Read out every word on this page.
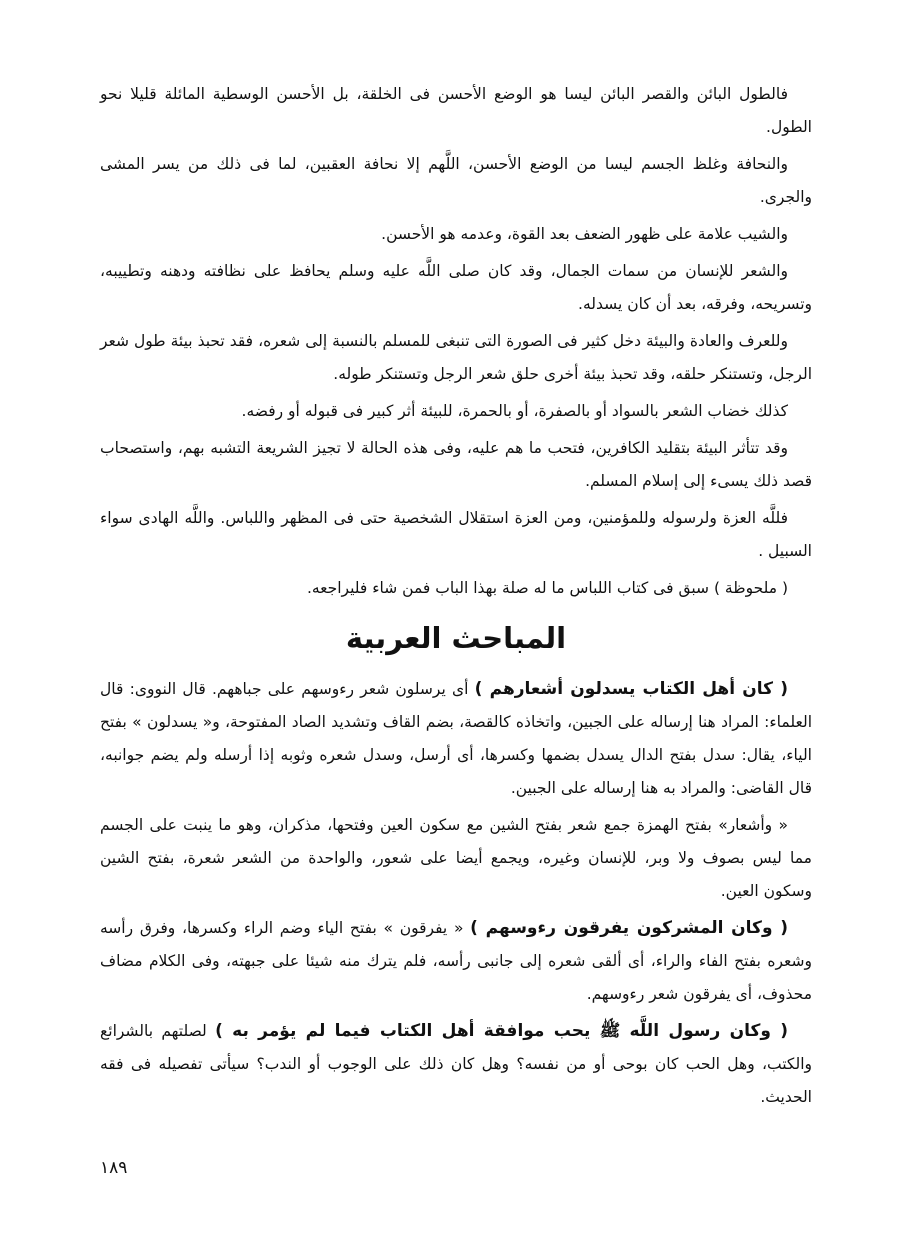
فالطول البائن والقصر البائن ليسا هو الوضع الأحسن فى الخلقة، بل الأحسن الوسطية المائلة قليلا نحو الطول.

والنحافة وغلظ الجسم ليسا من الوضع الأحسن، اللَّهم إلا نحافة العقبين، لما فى ذلك من يسر المشى والجرى.

والشيب علامة على ظهور الضعف بعد القوة، وعدمه هو الأحسن.

والشعر للإنسان من سمات الجمال، وقد كان صلى اللَّه عليه وسلم يحافظ على نظافته ودهنه وتطييبه، وتسريحه، وفرقه، بعد أن كان يسدله.

وللعرف والعادة والبيئة دخل كثير فى الصورة التى تنبغى للمسلم بالنسبة إلى شعره، فقد تحبذ بيئة طول شعر الرجل، وتستنكر حلقه، وقد تحبذ بيئة أخرى حلق شعر الرجل وتستنكر طوله.

كذلك خضاب الشعر بالسواد أو بالصفرة، أو بالحمرة، للبيئة أثر كبير فى قبوله أو رفضه.

وقد تتأثر البيئة بتقليد الكافرين، فتحب ما هم عليه، وفى هذه الحالة لا تجيز الشريعة التشبه بهم، واستصحاب قصد ذلك يسىء إلى إسلام المسلم.

فللَّه العزة ولرسوله وللمؤمنين، ومن العزة استقلال الشخصية حتى فى المظهر واللباس. واللَّه الهادى سواء السبيل .

( ملحوظة ) سبق فى كتاب اللباس ما له صلة بهذا الباب فمن شاء فليراجعه.

المباحث العربية

( كان أهل الكتاب يسدلون أشعارهم ) أى يرسلون شعر رءوسهم على جباههم. قال النووى: قال العلماء: المراد هنا إرساله على الجبين، واتخاذه كالقصة، بضم القاف وتشديد الصاد المفتوحة، و« يسدلون » بفتح الياء، يقال: سدل بفتح الدال يسدل بضمها وكسرها، أى أرسل، وسدل شعره وثوبه إذا أرسله ولم يضم جوانبه، قال القاضى: والمراد به هنا إرساله على الجبين.

« وأشعار» بفتح الهمزة جمع شعر بفتح الشين مع سكون العين وفتحها، مذكران، وهو ما ينبت على الجسم مما ليس بصوف ولا وبر، للإنسان وغيره، ويجمع أيضا على شعور، والواحدة من الشعر شعرة، بفتح الشين وسكون العين.

( وكان المشركون يفرقون رءوسهم ) « يفرقون » بفتح الياء وضم الراء وكسرها، وفرق رأسه وشعره بفتح الفاء والراء، أى ألقى شعره إلى جانبى رأسه، فلم يترك منه شيئا على جبهته، وفى الكلام مضاف محذوف، أى يفرقون شعر رءوسهم.

( وكان رسول اللَّه ﷺ يحب موافقة أهل الكتاب فيما لم يؤمر به ) لصلتهم بالشرائع والكتب، وهل الحب كان بوحى أو من نفسه؟ وهل كان ذلك على الوجوب أو الندب؟ سيأتى تفصيله فى فقه الحديث.

١٨٩
